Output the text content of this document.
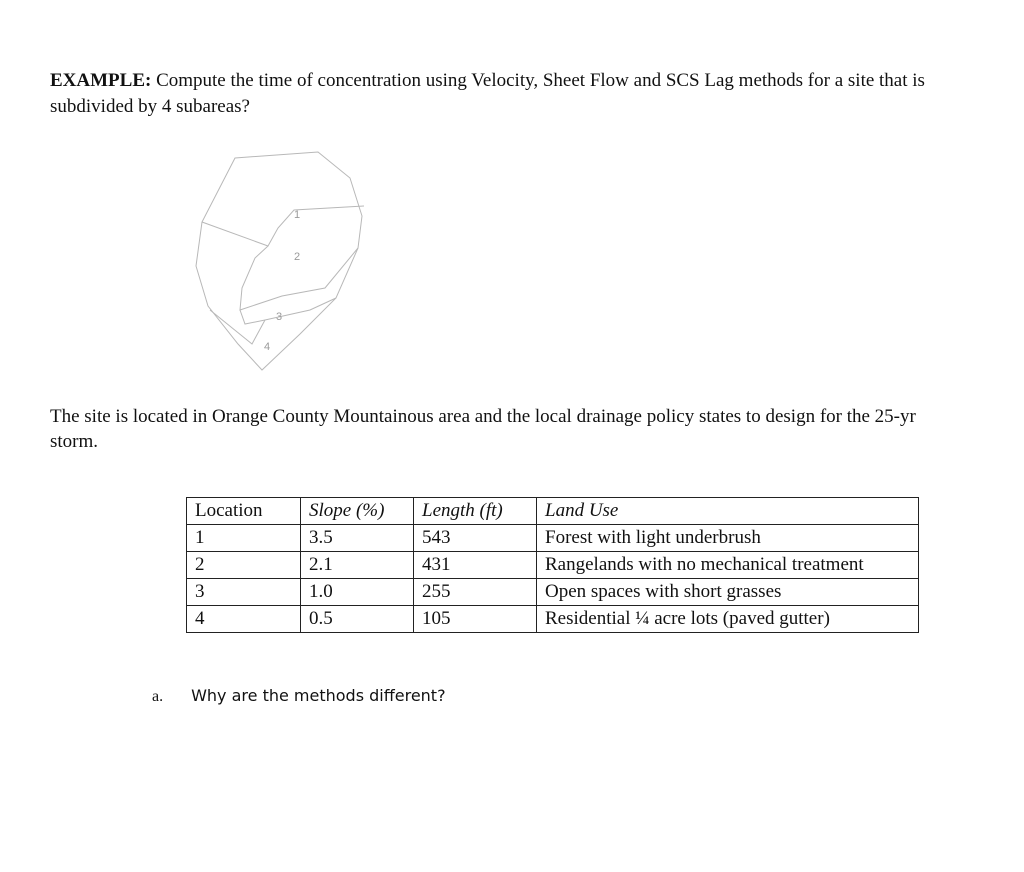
EXAMPLE: Compute the time of concentration using Velocity, Sheet Flow and SCS Lag methods for a site that is subdivided by 4 subareas?
1
2
3
4
The site is located in Orange County Mountainous area and the local drainage policy states to design for the 25-yr storm.
Location	Slope (%)	Length (ft)	Land Use
1	3.5	543	Forest with light underbrush
2	2.1	431	Rangelands with no mechanical treatment
3	1.0	255	Open spaces with short grasses
4	0.5	105	Residential ¼ acre lots (paved gutter)
a. Why are the methods different?
